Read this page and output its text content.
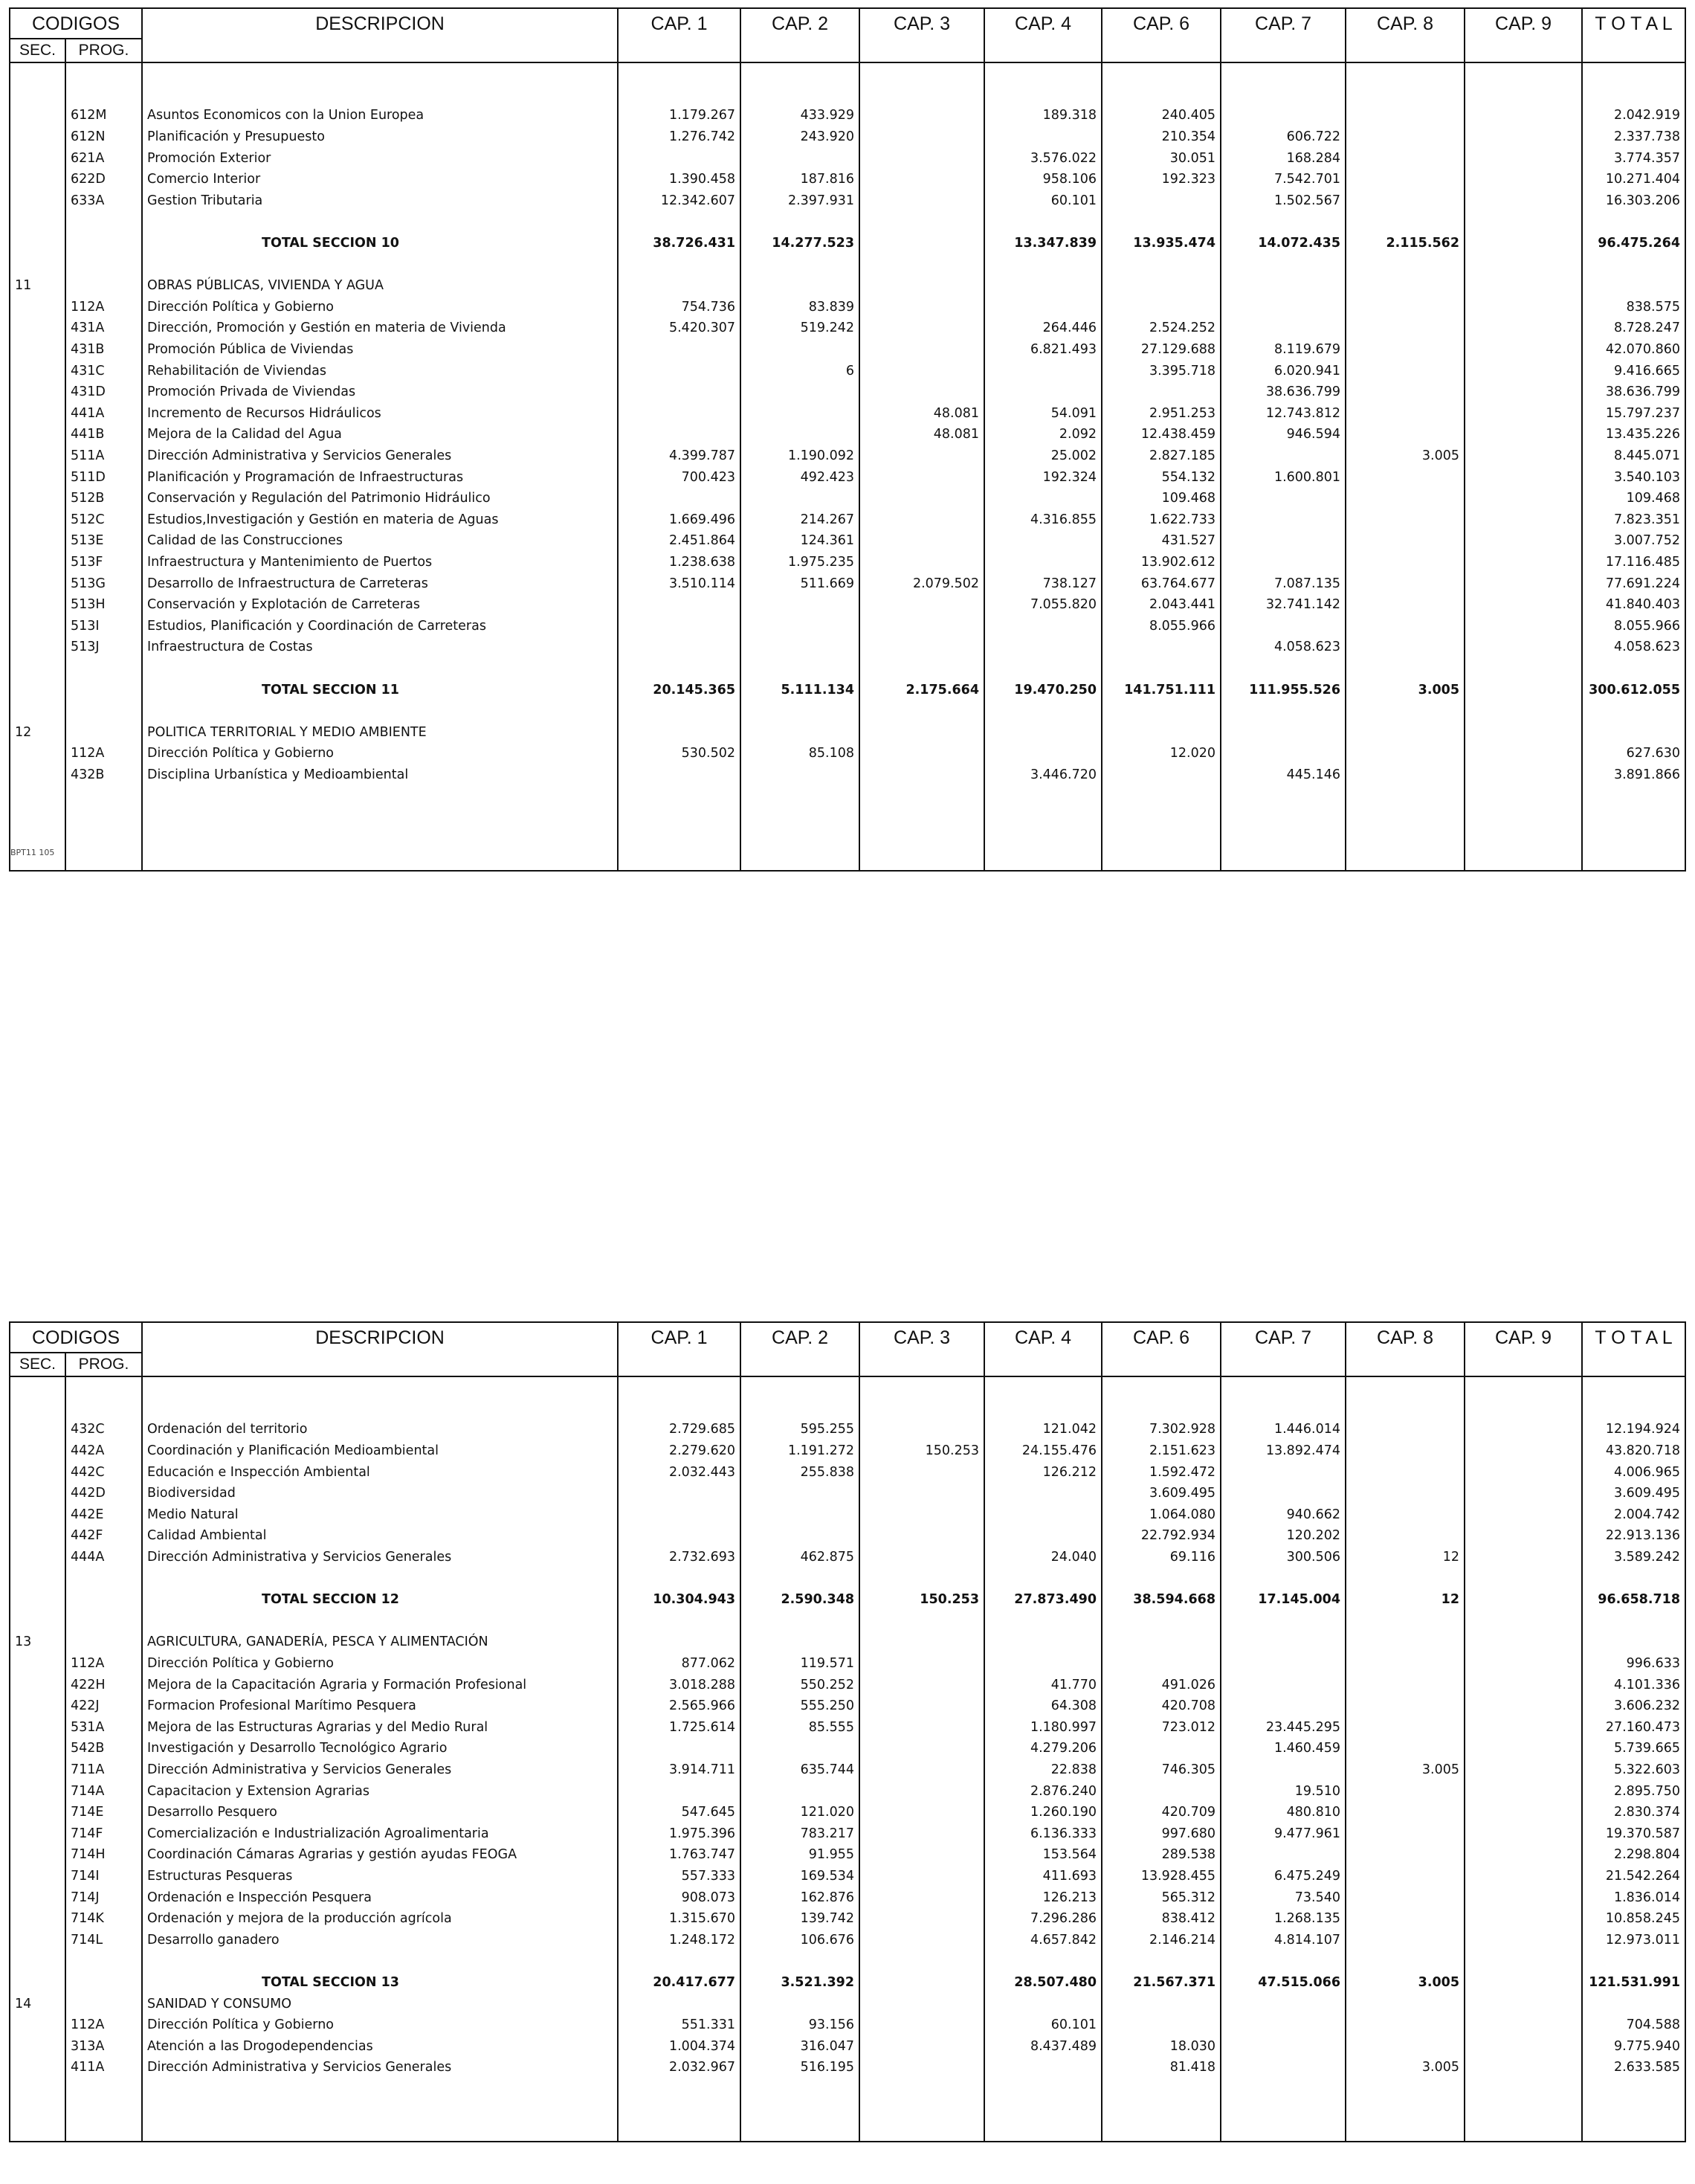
CODIGOS		DESCRIPCION	CAP. 1	CAP. 2	CAP. 3	CAP. 4	CAP. 6	CAP. 7	CAP. 8	CAP. 9	T O T A L
SEC.	PROG.										

	612M	Asuntos Economicos con la Union Europea	1.179.267	433.929		189.318	240.405				2.042.919
	612N	Planificación y Presupuesto	1.276.742	243.920			210.354	606.722			2.337.738
	621A	Promoción Exterior				3.576.022	30.051	168.284			3.774.357
	622D	Comercio Interior	1.390.458	187.816		958.106	192.323	7.542.701			10.271.404
	633A	Gestion Tributaria	12.342.607	2.397.931		60.101		1.502.567			16.303.206

		TOTAL SECCION 10	38.726.431	14.277.523		13.347.839	13.935.474	14.072.435	2.115.562		96.475.264

11		OBRAS PÚBLICAS, VIVIENDA Y AGUA									
	112A	Dirección Política y Gobierno	754.736	83.839							838.575
	431A	Dirección, Promoción y Gestión en materia de Vivienda	5.420.307	519.242		264.446	2.524.252				8.728.247
	431B	Promoción Pública de Viviendas				6.821.493	27.129.688	8.119.679			42.070.860
	431C	Rehabilitación de Viviendas		6			3.395.718	6.020.941			9.416.665
	431D	Promoción Privada de Viviendas						38.636.799			38.636.799
	441A	Incremento de Recursos Hidráulicos			48.081	54.091	2.951.253	12.743.812			15.797.237
	441B	Mejora de la Calidad del Agua			48.081	2.092	12.438.459	946.594			13.435.226
	511A	Dirección Administrativa y Servicios Generales	4.399.787	1.190.092		25.002	2.827.185		3.005		8.445.071
	511D	Planificación y Programación de Infraestructuras	700.423	492.423		192.324	554.132	1.600.801			3.540.103
	512B	Conservación y Regulación del Patrimonio Hidráulico					109.468				109.468
	512C	Estudios,Investigación y Gestión en materia de Aguas	1.669.496	214.267		4.316.855	1.622.733				7.823.351
	513E	Calidad de las Construcciones	2.451.864	124.361			431.527				3.007.752
	513F	Infraestructura y Mantenimiento de Puertos	1.238.638	1.975.235			13.902.612				17.116.485
	513G	Desarrollo de Infraestructura de Carreteras	3.510.114	511.669	2.079.502	738.127	63.764.677	7.087.135			77.691.224
	513H	Conservación y Explotación de Carreteras				7.055.820	2.043.441	32.741.142			41.840.403
	513I	Estudios, Planificación y Coordinación de Carreteras					8.055.966				8.055.966
	513J	Infraestructura de Costas						4.058.623			4.058.623

		TOTAL SECCION 11	20.145.365	5.111.134	2.175.664	19.470.250	141.751.111	111.955.526	3.005		300.612.055

12		POLITICA TERRITORIAL Y MEDIO AMBIENTE									
	112A	Dirección Política y Gobierno	530.502	85.108			12.020				627.630
	432B	Disciplina Urbanística y Medioambiental				3.446.720		445.146			3.891.866

BPT11 105
CODIGOS		DESCRIPCION	CAP. 1	CAP. 2	CAP. 3	CAP. 4	CAP. 6	CAP. 7	CAP. 8	CAP. 9	T O T A L
SEC.	PROG.										

	432C	Ordenación del territorio	2.729.685	595.255		121.042	7.302.928	1.446.014			12.194.924
	442A	Coordinación y Planificación Medioambiental	2.279.620	1.191.272	150.253	24.155.476	2.151.623	13.892.474			43.820.718
	442C	Educación e Inspección Ambiental	2.032.443	255.838		126.212	1.592.472				4.006.965
	442D	Biodiversidad					3.609.495				3.609.495
	442E	Medio Natural					1.064.080	940.662			2.004.742
	442F	Calidad Ambiental					22.792.934	120.202			22.913.136
	444A	Dirección Administrativa y Servicios Generales	2.732.693	462.875		24.040	69.116	300.506	12		3.589.242

		TOTAL SECCION 12	10.304.943	2.590.348	150.253	27.873.490	38.594.668	17.145.004	12		96.658.718

13		AGRICULTURA, GANADERÍA, PESCA Y ALIMENTACIÓN									
	112A	Dirección Política y Gobierno	877.062	119.571							996.633
	422H	Mejora de la Capacitación Agraria y Formación Profesional	3.018.288	550.252		41.770	491.026				4.101.336
	422J	Formacion Profesional Marítimo Pesquera	2.565.966	555.250		64.308	420.708				3.606.232
	531A	Mejora de las Estructuras Agrarias y del Medio Rural	1.725.614	85.555		1.180.997	723.012	23.445.295			27.160.473
	542B	Investigación y Desarrollo Tecnológico Agrario				4.279.206		1.460.459			5.739.665
	711A	Dirección Administrativa y Servicios Generales	3.914.711	635.744		22.838	746.305		3.005		5.322.603
	714A	Capacitacion y Extension Agrarias				2.876.240		19.510			2.895.750
	714E	Desarrollo Pesquero	547.645	121.020		1.260.190	420.709	480.810			2.830.374
	714F	Comercialización e Industrialización Agroalimentaria	1.975.396	783.217		6.136.333	997.680	9.477.961			19.370.587
	714H	Coordinación Cámaras Agrarias y gestión ayudas FEOGA	1.763.747	91.955		153.564	289.538				2.298.804
	714I	Estructuras Pesqueras	557.333	169.534		411.693	13.928.455	6.475.249			21.542.264
	714J	Ordenación e Inspección Pesquera	908.073	162.876		126.213	565.312	73.540			1.836.014
	714K	Ordenación y mejora de la producción agrícola	1.315.670	139.742		7.296.286	838.412	1.268.135			10.858.245
	714L	Desarrollo ganadero	1.248.172	106.676		4.657.842	2.146.214	4.814.107			12.973.011

		TOTAL SECCION 13	20.417.677	3.521.392		28.507.480	21.567.371	47.515.066	3.005		121.531.991
14		SANIDAD Y CONSUMO									
	112A	Dirección Política y Gobierno	551.331	93.156		60.101					704.588
	313A	Atención a las Drogodependencias	1.004.374	316.047		8.437.489	18.030				9.775.940
	411A	Dirección Administrativa y Servicios Generales	2.032.967	516.195			81.418		3.005		2.633.585
